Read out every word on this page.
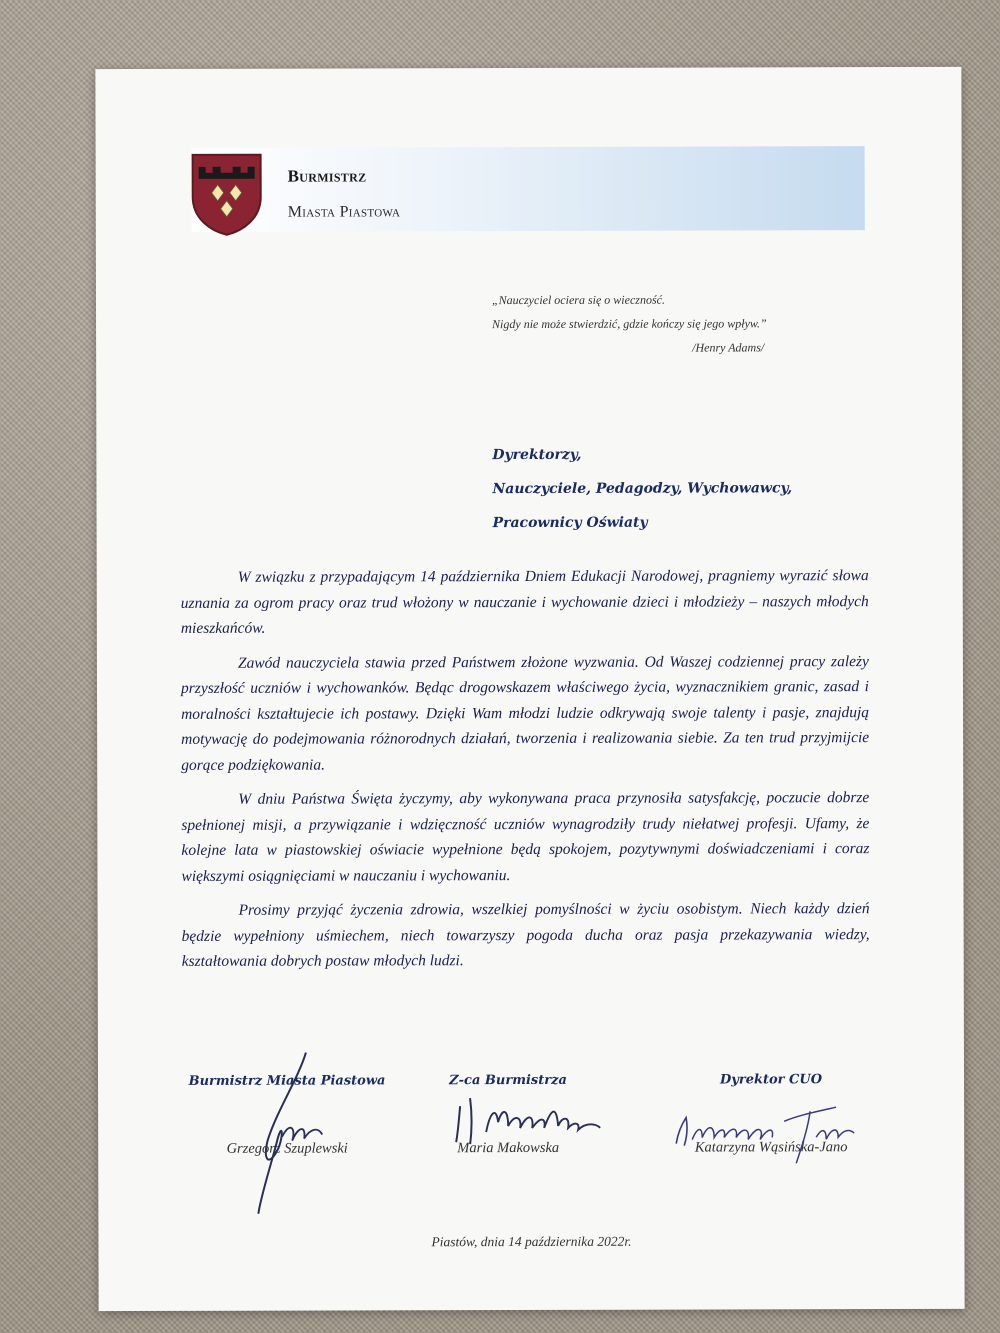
Burmistrz
Miasta Piastowa
„Nauczyciel ociera się o wieczność.
Nigdy nie może stwierdzić, gdzie kończy się jego wpływ.”
/Henry Adams/
Dyrektorzy,
Nauczyciele, Pedagodzy, Wychowawcy,
Pracownicy Oświaty

W związku z przypadającym 14 października Dniem Edukacji Narodowej, pragniemy wyrazić słowa uznania za ogrom pracy oraz trud włożony w nauczanie i wychowanie dzieci i młodzieży – naszych młodych mieszkańców.

Zawód nauczyciela stawia przed Państwem złożone wyzwania. Od Waszej codziennej pracy zależy przyszłość uczniów i wychowanków. Będąc drogowskazem właściwego życia, wyznacznikiem granic, zasad i moralności kształtujecie ich postawy. Dzięki Wam młodzi ludzie odkrywają swoje talenty i pasje, znajdują motywację do podejmowania różnorodnych działań, tworzenia i realizowania siebie. Za ten trud przyjmijcie gorące podziękowania.

W dniu Państwa Święta życzymy, aby wykonywana praca przynosiła satysfakcję, poczucie dobrze spełnionej misji, a przywiązanie i wdzięczność uczniów wynagrodziły trudy niełatwej profesji. Ufamy, że kolejne lata w piastowskiej oświacie wypełnione będą spokojem, pozytywnymi doświadczeniami i coraz większymi osiągnięciami w nauczaniu i wychowaniu.

Prosimy przyjąć życzenia zdrowia, wszelkiej pomyślności w życiu osobistym. Niech każdy dzień będzie wypełniony uśmiechem, niech towarzyszy pogoda ducha oraz pasja przekazywania wiedzy, kształtowania dobrych postaw młodych ludzi.

Burmistrz Miasta Piastowa
Grzegorz Szuplewski
Z-ca Burmistrza
Maria Makowska
Dyrektor CUO
Katarzyna Wąsińska-Jano
Piastów, dnia 14 października 2022r.
